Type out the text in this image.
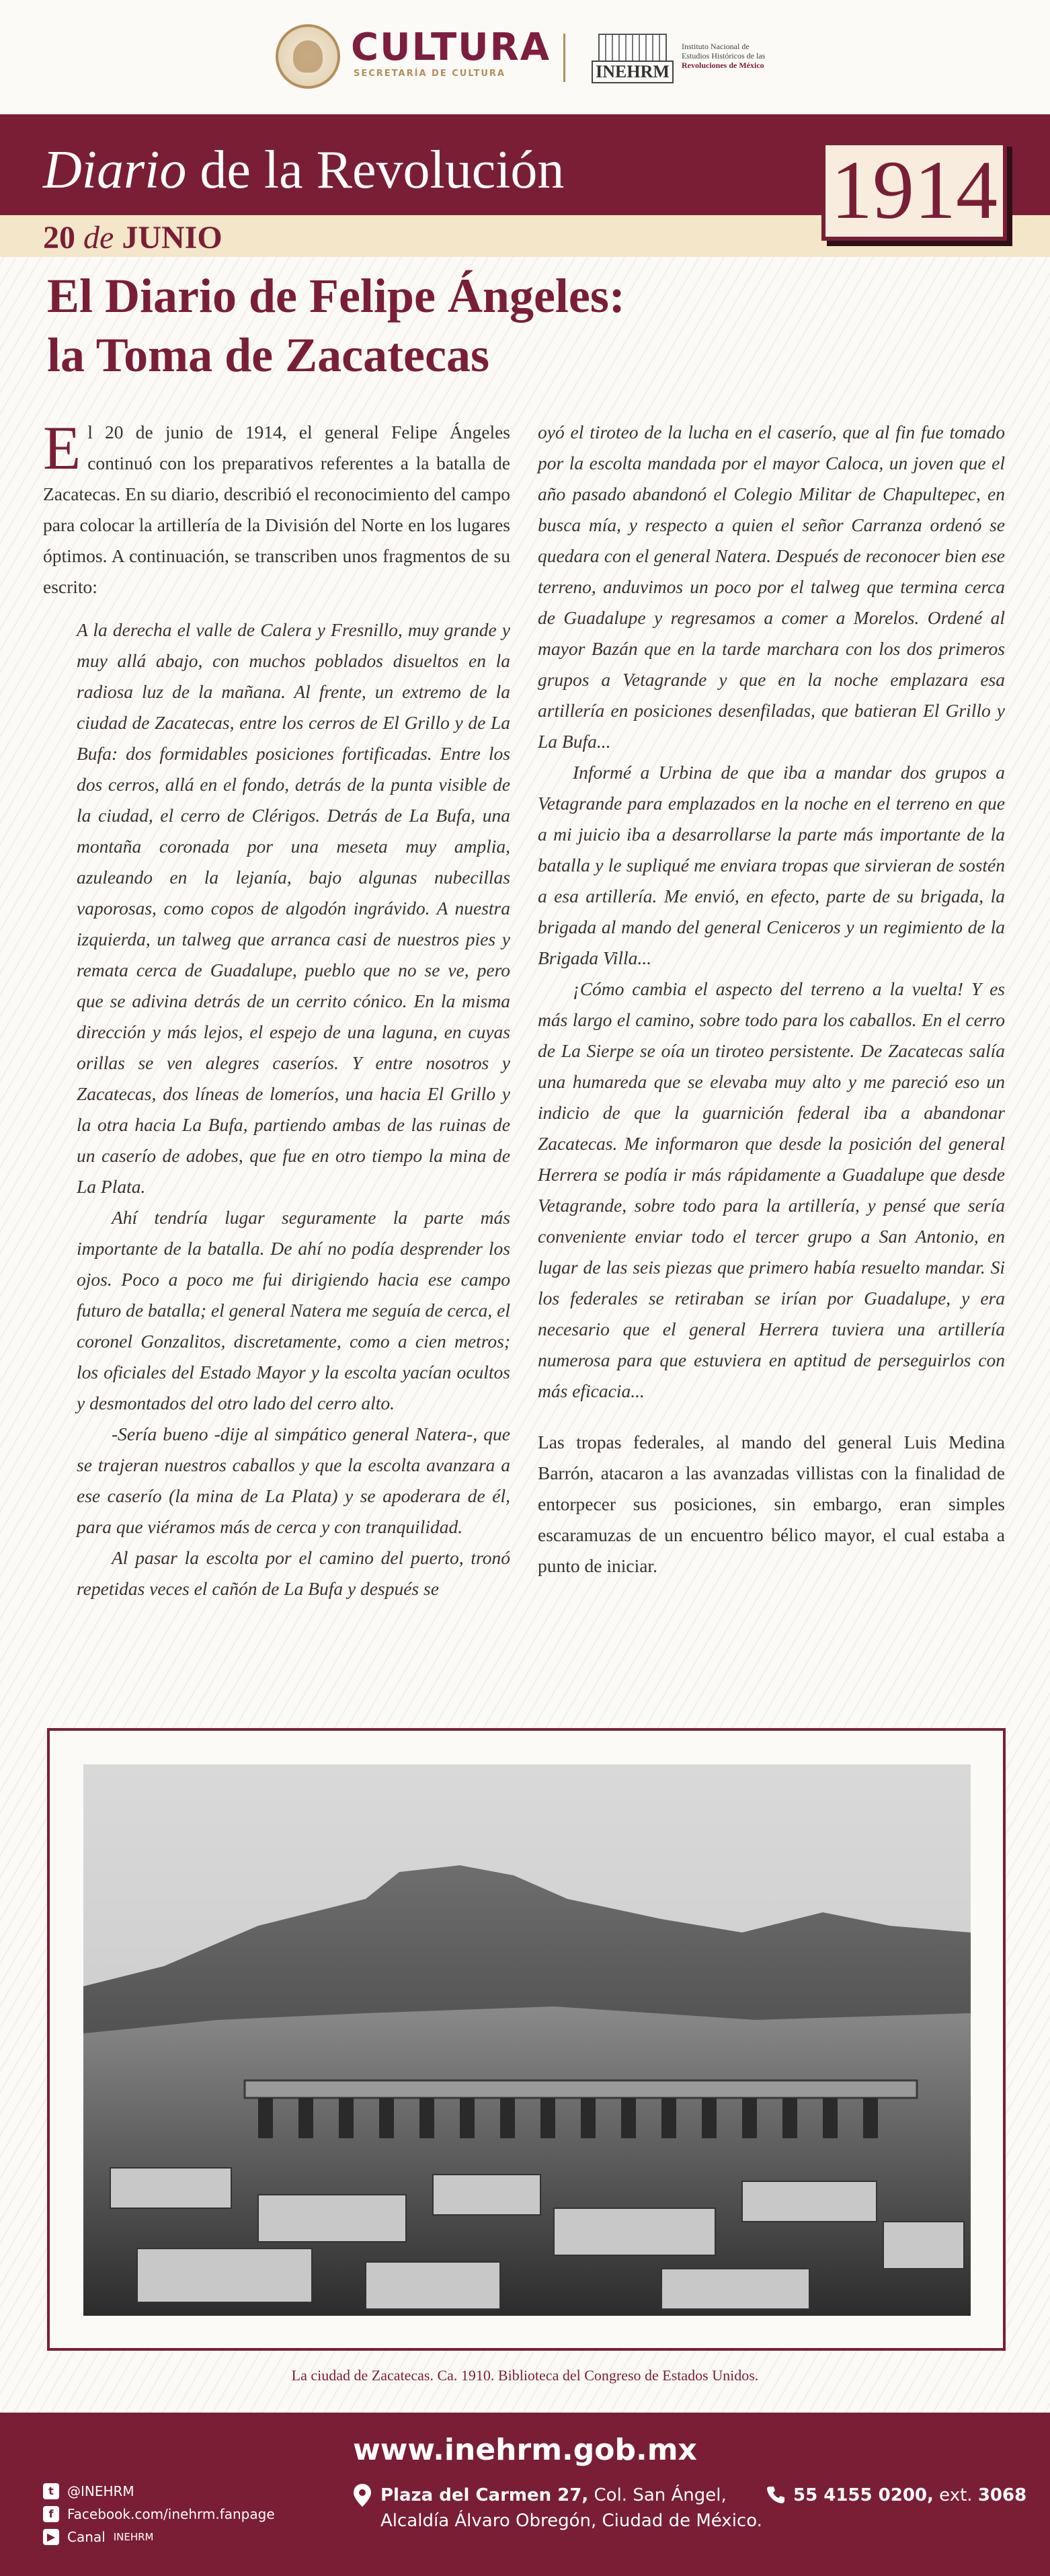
CULTURA
SECRETARÍA DE CULTURA	INEHRM
Instituto Nacional de
Estudios Históricos de las
Revoluciones de México
Diario de la Revolución
20 de JUNIO
1914
El Diario de Felipe Ángeles:
la Toma de Zacatecas

El 20 de junio de 1914, el general Felipe Ángeles continuó con los preparativos referentes a la batalla de Zacatecas. En su diario, describió el reconocimiento del campo para colocar la artillería de la División del Norte en los lugares óptimos. A continuación, se transcriben unos fragmentos de su escrito:

A la derecha el valle de Calera y Fresnillo, muy grande y muy allá abajo, con muchos poblados disueltos en la radiosa luz de la mañana. Al frente, un extremo de la ciudad de Zacatecas, entre los cerros de El Grillo y de La Bufa: dos formidables posiciones fortificadas. Entre los dos cerros, allá en el fondo, detrás de la punta visible de la ciudad, el cerro de Clérigos. Detrás de La Bufa, una montaña coronada por una meseta muy amplia, azuleando en la lejanía, bajo algunas nubecillas vaporosas, como copos de algodón ingrávido. A nuestra izquierda, un talweg que arranca casi de nuestros pies y remata cerca de Guadalupe, pueblo que no se ve, pero que se adivina detrás de un cerrito cónico. En la misma dirección y más lejos, el espejo de una laguna, en cuyas orillas se ven alegres caseríos. Y entre nosotros y Zacatecas, dos líneas de lomeríos, una hacia El Grillo y la otra hacia La Bufa, partiendo ambas de las ruinas de un caserío de adobes, que fue en otro tiempo la mina de La Plata.

Ahí tendría lugar seguramente la parte más importante de la batalla. De ahí no podía desprender los ojos. Poco a poco me fui dirigiendo hacia ese campo futuro de batalla; el general Natera me seguía de cerca, el coronel Gonzalitos, discretamente, como a cien metros; los oficiales del Estado Mayor y la escolta yacían ocultos y desmontados del otro lado del cerro alto.

-Sería bueno -dije al simpático general Natera-, que se trajeran nuestros caballos y que la escolta avanzara a ese caserío (la mina de La Plata) y se apoderara de él, para que viéramos más de cerca y con tranquilidad.

Al pasar la escolta por el camino del puerto, tronó repetidas veces el cañón de La Bufa y después se

oyó el tiroteo de la lucha en el caserío, que al fin fue tomado por la escolta mandada por el mayor Caloca, un joven que el año pasado abandonó el Colegio Militar de Chapultepec, en busca mía, y respecto a quien el señor Carranza ordenó se quedara con el general Natera. Después de reconocer bien ese terreno, anduvimos un poco por el talweg que termina cerca de Guadalupe y regresamos a comer a Morelos. Ordené al mayor Bazán que en la tarde marchara con los dos primeros grupos a Vetagrande y que en la noche emplazara esa artillería en posiciones desenfiladas, que batieran El Grillo y La Bufa...

Informé a Urbina de que iba a mandar dos grupos a Vetagrande para emplazados en la noche en el terreno en que a mi juicio iba a desarrollarse la parte más importante de la batalla y le supliqué me enviara tropas que sirvieran de sostén a esa artillería. Me envió, en efecto, parte de su brigada, la brigada al mando del general Ceniceros y un regimiento de la Brigada Villa...

¡Cómo cambia el aspecto del terreno a la vuelta! Y es más largo el camino, sobre todo para los caballos. En el cerro de La Sierpe se oía un tiroteo persistente. De Zacatecas salía una humareda que se elevaba muy alto y me pareció eso un indicio de que la guarnición federal iba a abandonar Zacatecas. Me informaron que desde la posición del general Herrera se podía ir más rápidamente a Guadalupe que desde Vetagrande, sobre todo para la artillería, y pensé que sería conveniente enviar todo el tercer grupo a San Antonio, en lugar de las seis piezas que primero había resuelto mandar. Si los federales se retiraban se irían por Guadalupe, y era necesario que el general Herrera tuviera una artillería numerosa para que estuviera en aptitud de perseguirlos con más eficacia...

Las tropas federales, al mando del general Luis Medina Barrón, atacaron a las avanzadas villistas con la finalidad de entorpecer sus posiciones, sin embargo, eran simples escaramuzas de un encuentro bélico mayor, el cual estaba a punto de iniciar.

La ciudad de Zacatecas. Ca. 1910. Biblioteca del Congreso de Estados Unidos.
www.inehrm.gob.mx
t	@INEHRM
f	Facebook.com/inehrm.fanpage
▶ Canal INEHRM
Plaza del Carmen 27, Col. San Ángel,
Alcaldía Álvaro Obregón, Ciudad de México.
55 4155 0200, ext. 3068
